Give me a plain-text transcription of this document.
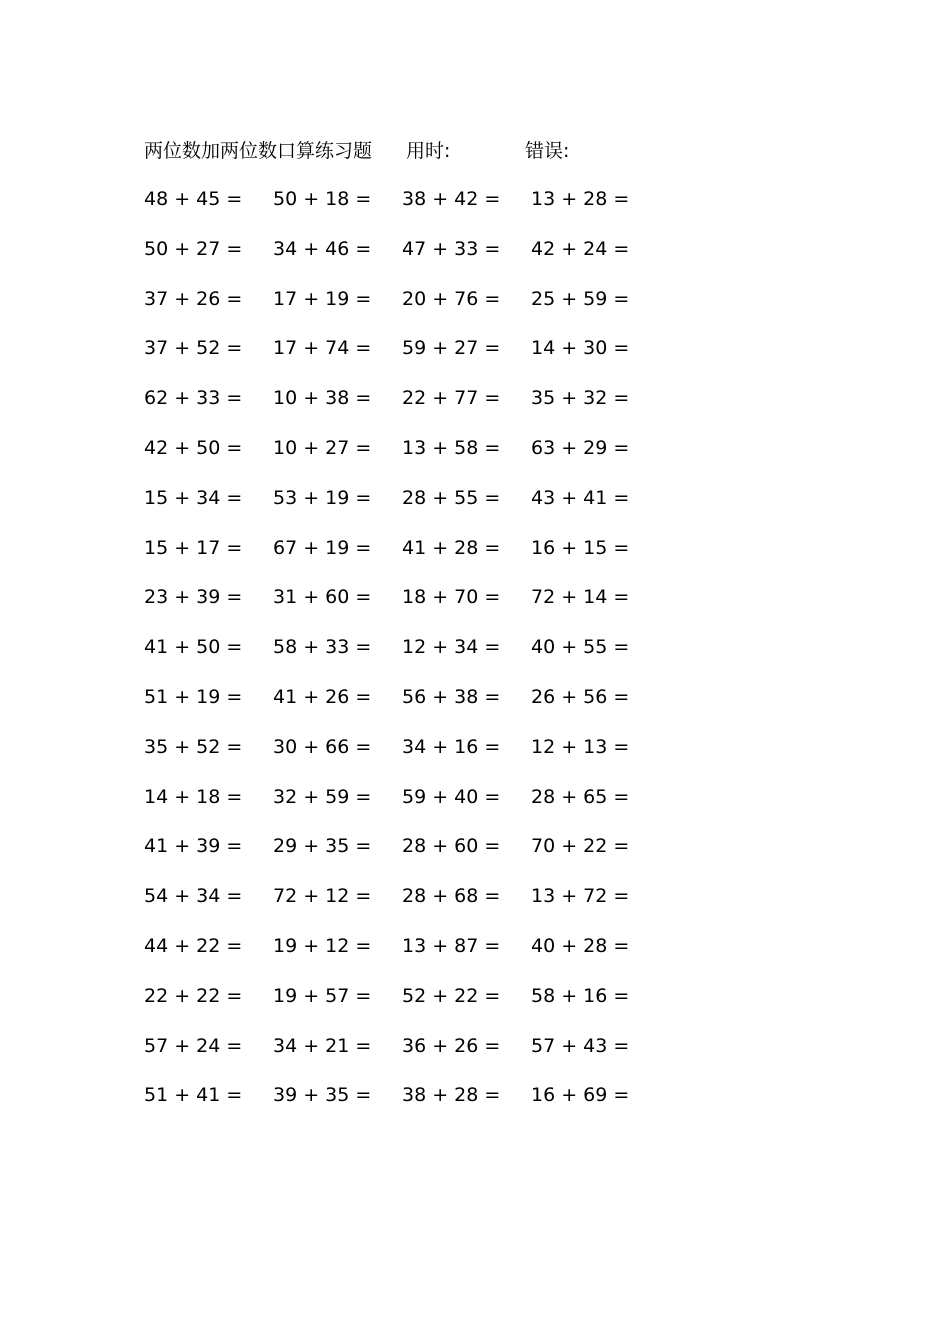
两位数加两位数口算练习题 用时:	错误:
48 + 45 = 50 + 18 = 38 + 42 = 13 + 28 =
50 + 27 = 34 + 46 = 47 + 33 = 42 + 24 =
37 + 26 = 17 + 19 = 20 + 76 = 25 + 59 =
37 + 52 = 17 + 74 = 59 + 27 = 14 + 30 =
62 + 33 = 10 + 38 = 22 + 77 = 35 + 32 =
42 + 50 = 10 + 27 = 13 + 58 = 63 + 29 =
15 + 34 = 53 + 19 = 28 + 55 = 43 + 41 =
15 + 17 = 67 + 19 = 41 + 28 = 16 + 15 =
23 + 39 = 31 + 60 = 18 + 70 = 72 + 14 =
41 + 50 = 58 + 33 = 12 + 34 = 40 + 55 =
51 + 19 = 41 + 26 = 56 + 38 = 26 + 56 =
35 + 52 = 30 + 66 = 34 + 16 = 12 + 13 =
14 + 18 = 32 + 59 = 59 + 40 = 28 + 65 =
41 + 39 = 29 + 35 = 28 + 60 = 70 + 22 =
54 + 34 = 72 + 12 = 28 + 68 = 13 + 72 =
44 + 22 = 19 + 12 = 13 + 87 = 40 + 28 =
22 + 22 = 19 + 57 = 52 + 22 = 58 + 16 =
57 + 24 = 34 + 21 = 36 + 26 = 57 + 43 =
51 + 41 = 39 + 35 = 38 + 28 = 16 + 69 =
